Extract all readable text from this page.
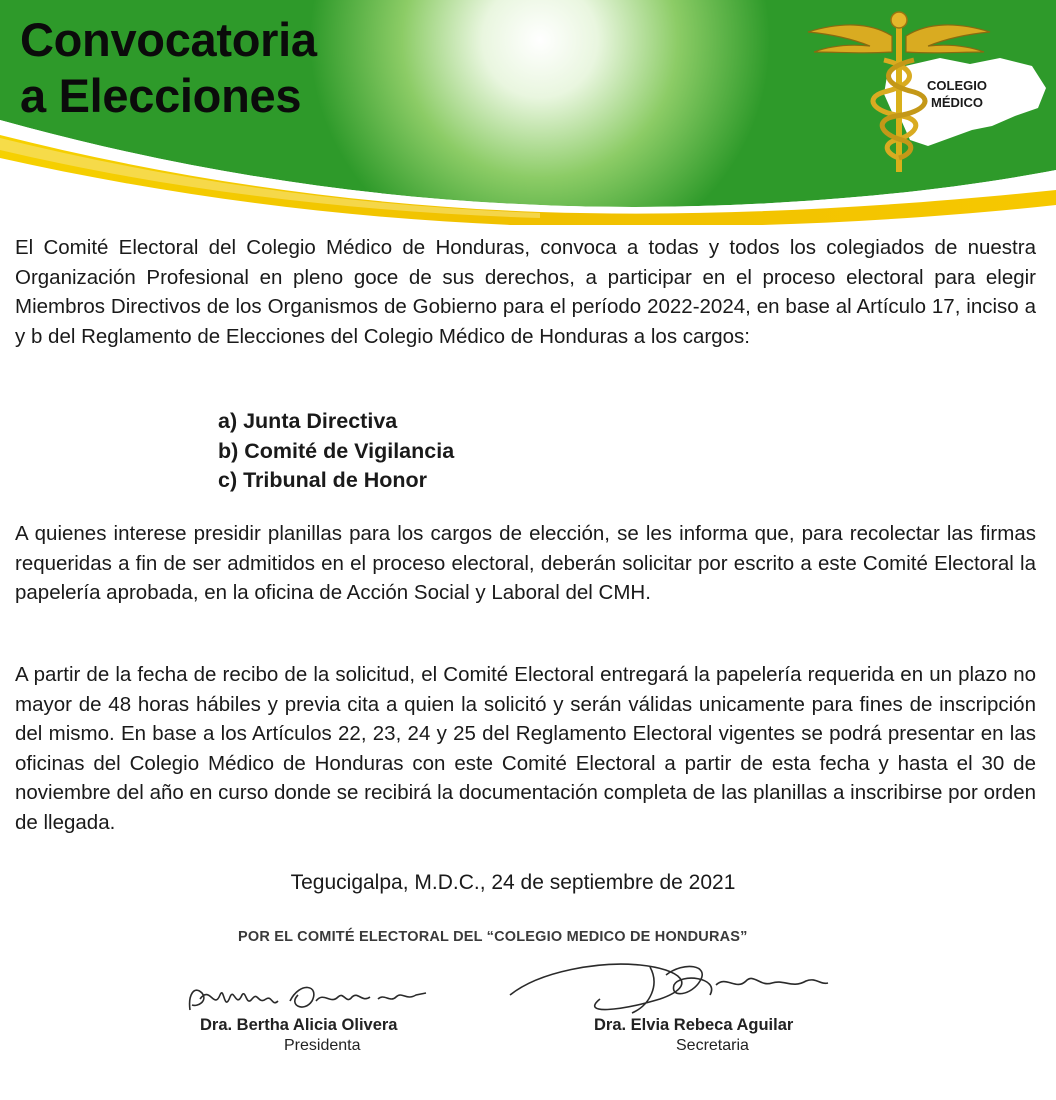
Convocatoria
a Elecciones	COLEGIO
MÉDICO

El Comité Electoral del Colegio Médico de Honduras, convoca a todas y todos los colegiados de nuestra Organización Profesional en pleno goce de sus derechos, a participar en el proceso electoral para elegir Miembros Directivos de los Organismos de Gobierno para el período 2022-2024, en base al Artículo 17, inciso a y b del Reglamento de Elecciones del Colegio Médico de Honduras a los cargos:

a) Junta Directiva
b) Comité de Vigilancia
c) Tribunal de Honor

A quienes interese presidir planillas para los cargos de elección, se les informa que, para recolectar las firmas requeridas a fin de ser admitidos en el proceso electoral, deberán solicitar por escrito a este Comité Electoral la papelería aprobada, en la oficina de Acción Social y Laboral del CMH.

A partir de la fecha de recibo de la solicitud, el Comité Electoral entregará la papelería requerida en un plazo no mayor de 48 horas hábiles y previa cita a quien la solicitó y serán válidas unicamente para fines de inscripción del mismo. En base a los Artículos 22, 23, 24 y 25 del Reglamento Electoral vigentes se podrá presentar en las oficinas del Colegio Médico de Honduras con este Comité Electoral a partir de esta fecha y hasta el 30 de noviembre del año en curso donde se recibirá la documentación completa de las planillas a inscribirse por orden de llegada.

Tegucigalpa, M.D.C., 24 de septiembre de 2021
POR EL COMITÉ ELECTORAL DEL “COLEGIO MEDICO DE HONDURAS”
Dra. Bertha Alicia Olivera
Presidenta
Dra. Elvia Rebeca Aguilar
Secretaria
